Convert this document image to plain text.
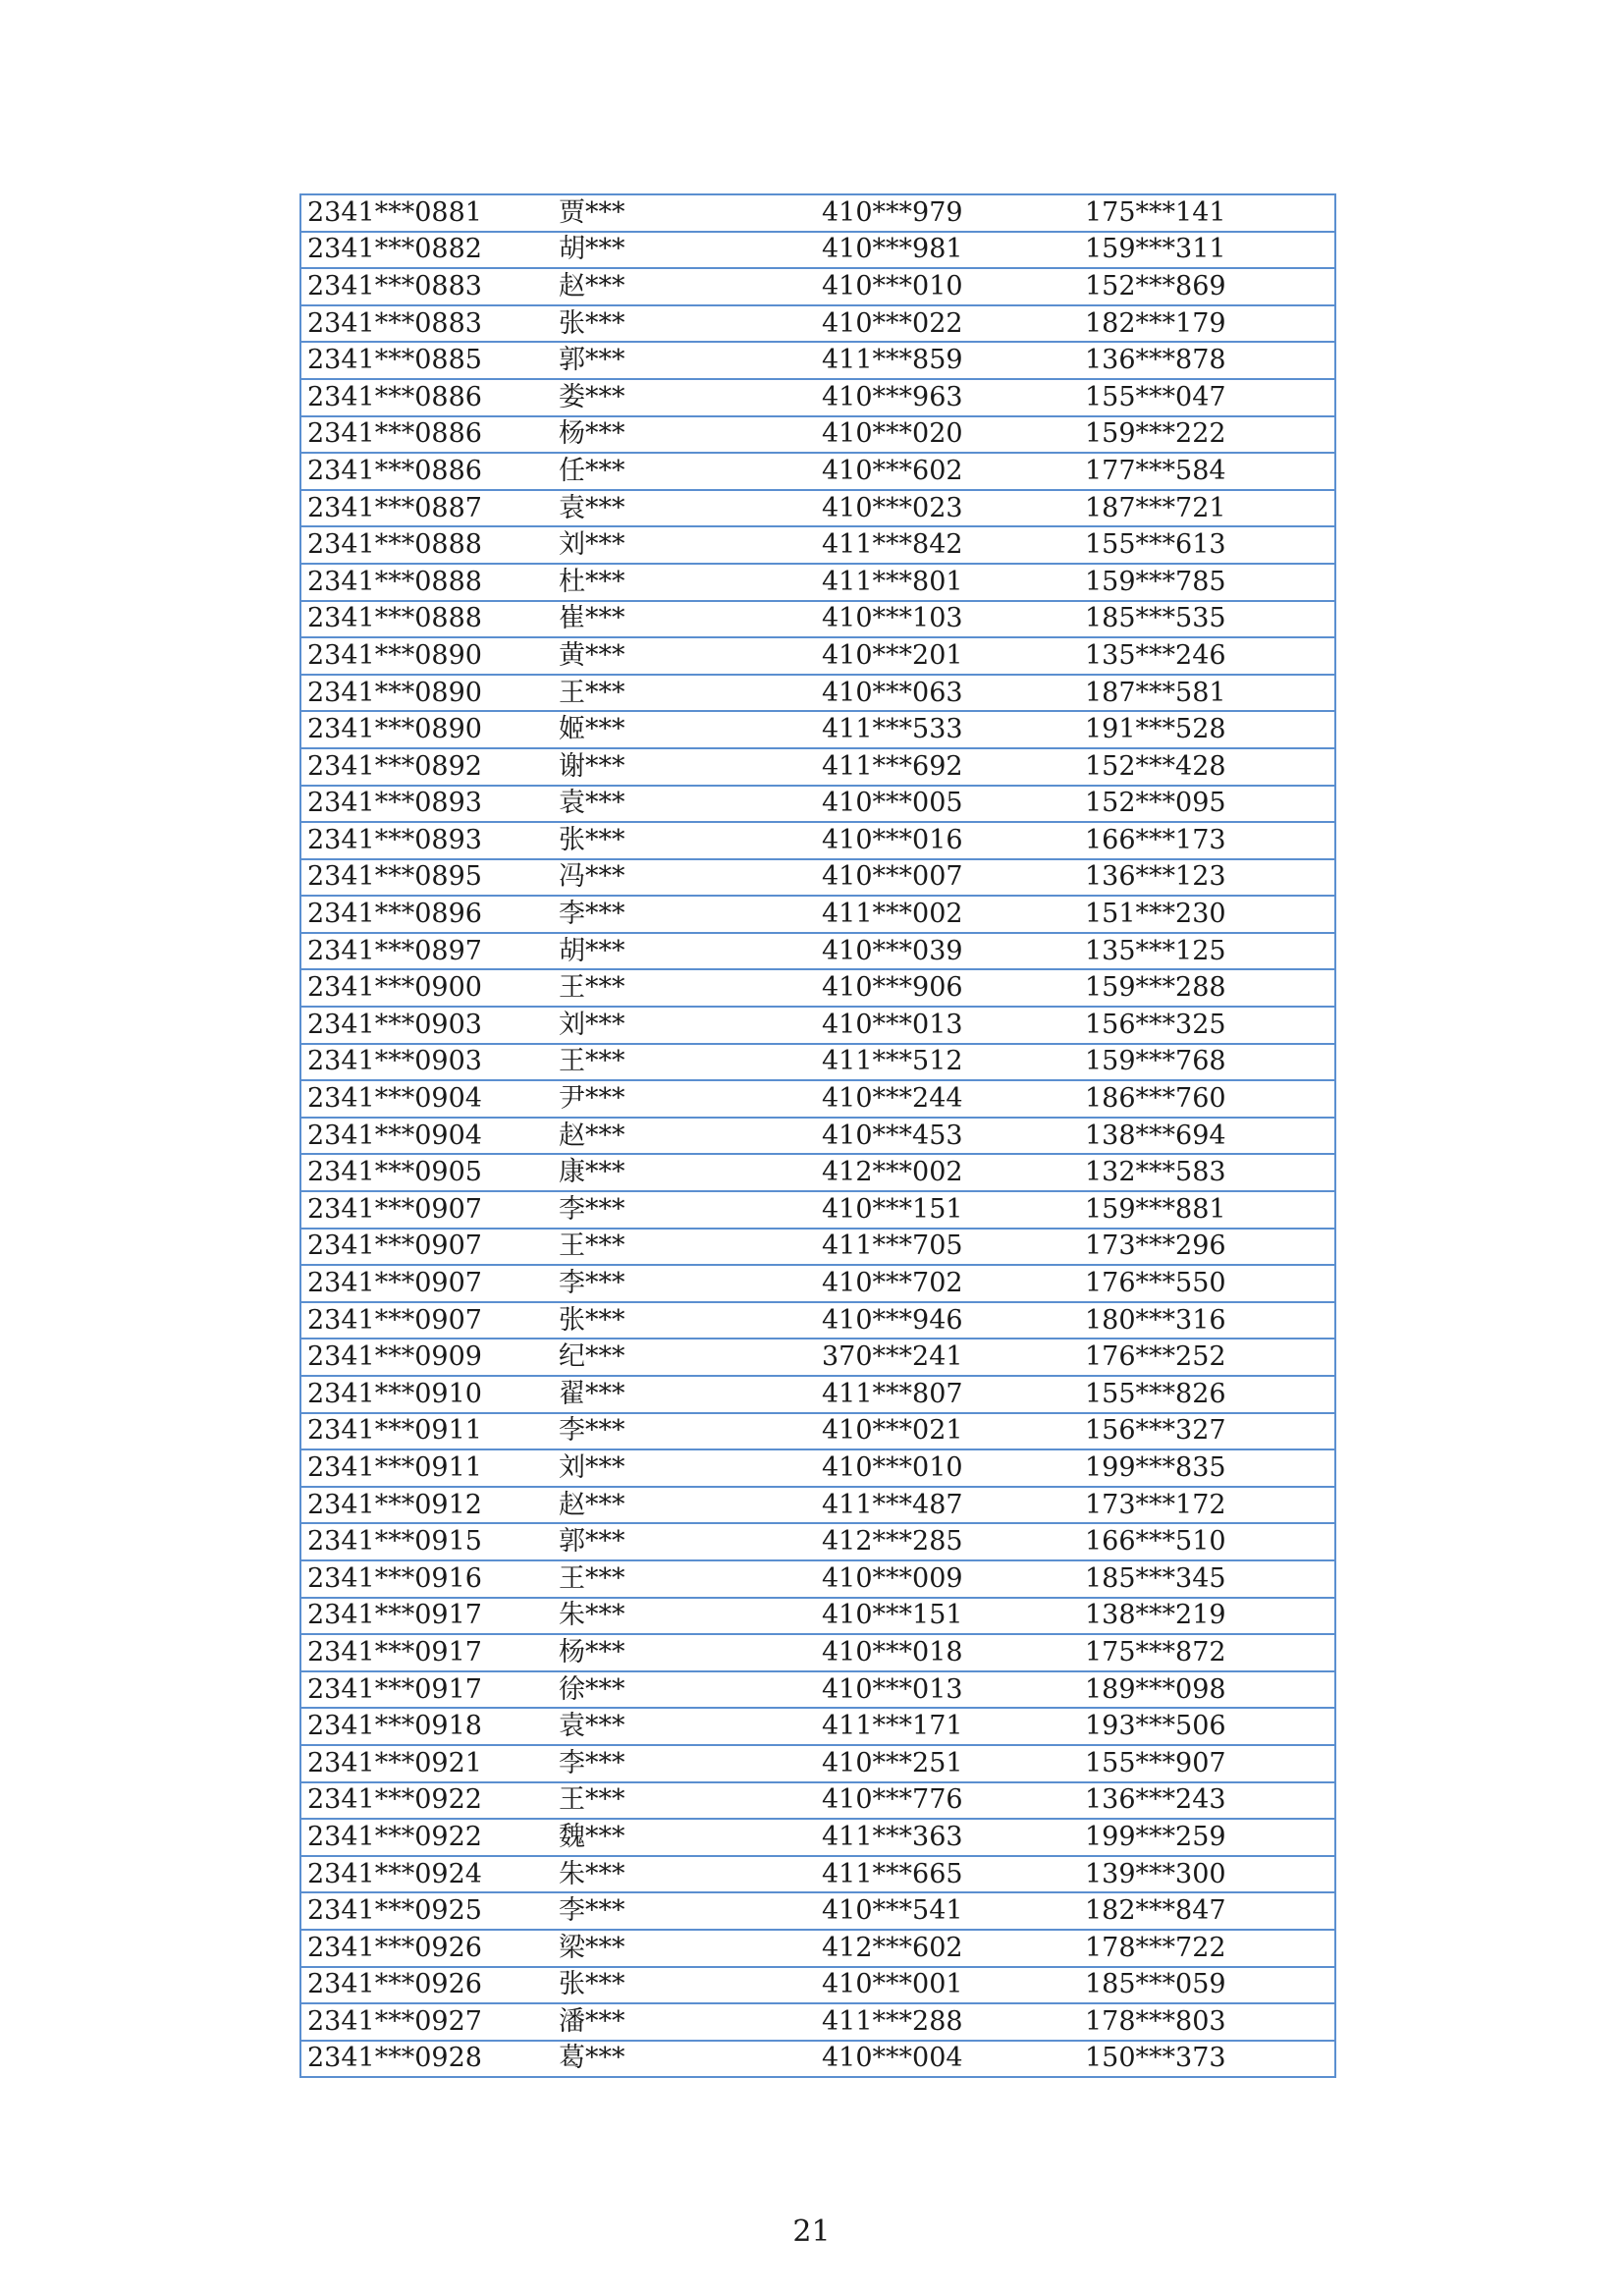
2341***0881	贾***	410***979	175***141
2341***0882	胡***	410***981	159***311
2341***0883	赵***	410***010	152***869
2341***0883	张***	410***022	182***179
2341***0885	郭***	411***859	136***878
2341***0886	娄***	410***963	155***047
2341***0886	杨***	410***020	159***222
2341***0886	任***	410***602	177***584
2341***0887	袁***	410***023	187***721
2341***0888	刘***	411***842	155***613
2341***0888	杜***	411***801	159***785
2341***0888	崔***	410***103	185***535
2341***0890	黄***	410***201	135***246
2341***0890	王***	410***063	187***581
2341***0890	姬***	411***533	191***528
2341***0892	谢***	411***692	152***428
2341***0893	袁***	410***005	152***095
2341***0893	张***	410***016	166***173
2341***0895	冯***	410***007	136***123
2341***0896	李***	411***002	151***230
2341***0897	胡***	410***039	135***125
2341***0900	王***	410***906	159***288
2341***0903	刘***	410***013	156***325
2341***0903	王***	411***512	159***768
2341***0904	尹***	410***244	186***760
2341***0904	赵***	410***453	138***694
2341***0905	康***	412***002	132***583
2341***0907	李***	410***151	159***881
2341***0907	王***	411***705	173***296
2341***0907	李***	410***702	176***550
2341***0907	张***	410***946	180***316
2341***0909	纪***	370***241	176***252
2341***0910	翟***	411***807	155***826
2341***0911	李***	410***021	156***327
2341***0911	刘***	410***010	199***835
2341***0912	赵***	411***487	173***172
2341***0915	郭***	412***285	166***510
2341***0916	王***	410***009	185***345
2341***0917	朱***	410***151	138***219
2341***0917	杨***	410***018	175***872
2341***0917	徐***	410***013	189***098
2341***0918	袁***	411***171	193***506
2341***0921	李***	410***251	155***907
2341***0922	王***	410***776	136***243
2341***0922	魏***	411***363	199***259
2341***0924	朱***	411***665	139***300
2341***0925	李***	410***541	182***847
2341***0926	梁***	412***602	178***722
2341***0926	张***	410***001	185***059
2341***0927	潘***	411***288	178***803
2341***0928	葛***	410***004	150***373
21
